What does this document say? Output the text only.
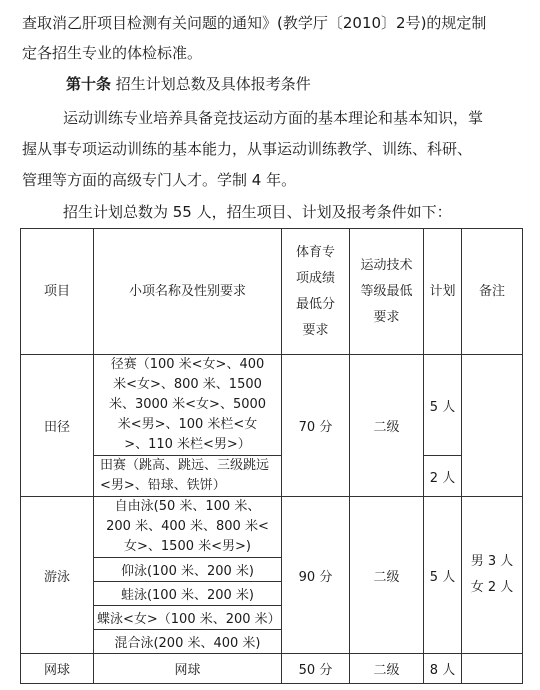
查取消乙肝项目检测有关问题的通知》(教学厅〔2010〕2号)的规定制
定各招生专业的体检标准。
第十条 招生计划总数及具体报考条件
运动训练专业培养具备竞技运动方面的基本理论和基本知识，掌
握从事专项运动训练的基本能力，从事运动训练教学、训练、科研、
管理等方面的高级专门人才。学制 4 年。
招生计划总数为 55 人，招生项目、计划及报考条件如下：
项目	小项名称及性别要求	体育专项成绩最低分要求	运动技术等级最低要求	计划	备注
田径	径赛（100 米<女>、400 米<女>、800 米、1500 米、3000 米<女>、5000 米<男>、100 米栏<女>、110 米栏<男>）	70 分	二级	5 人	
	田赛（跳高、跳远、三级跳远<男>、铅球、铁饼）			2 人	
游泳	自由泳(50 米、100 米、200 米、400 米、800 米<女>、1500 米<男>)	90 分	二级	5 人	男 3 人
女 2 人

	仰泳(100 米、200 米)				
	蛙泳(100 米、200 米)				
	蝶泳<女>（100 米、200 米）				
	混合泳(200 米、400 米)				
网球	网球	50 分	二级	8 人	
